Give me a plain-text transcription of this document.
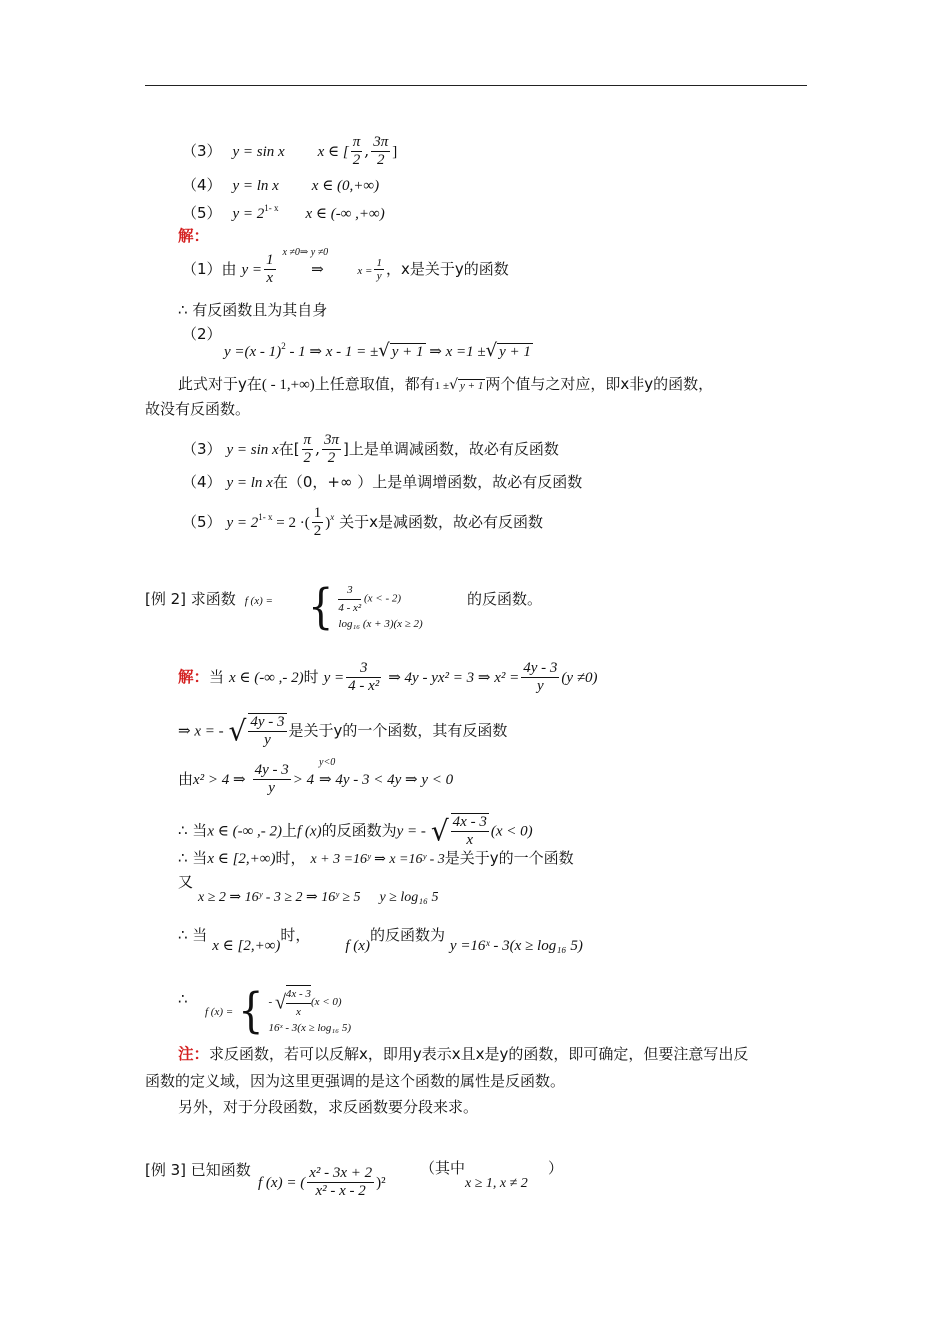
（3） y = sin x x ∈ [ $\frac{\pi}{2}$ , $\frac{3\pi}{2}$ ]
（4） y = ln x x ∈ (0,+∞)
（5） $y = 2^{1- x}$ x ∈ (-∞ ,+∞)
解：
（1）由 $y = \frac{1}{x}$
x ≠0⇒ y ≠0
⇒	$x = \frac{1}{y}$ ，x是关于y的函数
∴ 有反函数且为其自身
（2）
y =(x - 1)$^2$ - 1 ⇒ x - 1 = ±√ y + 1 ⇒ x =1 ±√ y + 1
此式对于y在( - 1,+∞)上任意取值，都有1 ±√ y + 1 两个值与之对应，即x非y的函数，
故没有反函数。
（3） y = sin x在[ $\frac{\pi}{2}$ , $\frac{3\pi}{2}$ ]上是单调减函数，故必有反函数
（4） y = ln x在（0，+∞ ）上是单调增函数，故必有反函数
（5） $y = 2^{1- x} = 2$ ·( $\frac{1}{2} )^x$ 关于x是减函数，故必有反函数
[例 2] 求函数 f (x) = { $\frac{3}{\text{4 - x²}} (x$ < - 2)
log₁₆ (x + 3)(x ≥ 2)
的反函数。
解：当 x ∈ (-∞ ,- 2)时 $y = \frac{3}{\text{4 - x²}}$ ⇒ 4y - yx² = 3 ⇒ $x^2 = \frac{4y - 3}{y} (y \ne 0)$
⇒ x = - √ $\frac{4y - 3}{y}$ 是关于y的一个函数，其有反函数
由x² > 4 ⇒ $\frac{4y - 3}{y} > 4$
y<0
⇒ 4y - 3 < 4y ⇒ y < 0
∴ 当x ∈ (-∞ ,- 2)上f (x)的反函数为y = - √ $\frac{4x - 3}{x} (x < 0)$
∴ 当x ∈ [2,+∞)时， x + 3 =16ʸ ⇒ x =16ʸ - 3是关于y的一个函数
又
x ≥ 2 ⇒ 16ʸ - 3 ≥ 2 ⇒ 16ʸ ≥ 5 y ≥ log₁₆ 5
∴ 当 x ∈ [2,+∞)时， f (x)的反函数为 y =16ˣ - 3(x ≥ log₁₆ 5)
∴
f (x) = { - √ $\frac{4x - 3}{x} (x < 0)$
16ˣ - 3(x ≥ log₁₆ 5)
注：求反函数，若可以反解x，即用y表示x且x是y的函数，即可确定，但要注意写出反
函数的定义域，因为这里更强调的是这个函数的属性是反函数。
另外，对于分段函数，求反函数要分段来求。
[例 3] 已知函数
f (x) = ( $\frac{\text{x² - 3x + 2}}{\text{x² - x - 2}} )^2$
（其中
x ≥ 1, x ≠ 2
）
